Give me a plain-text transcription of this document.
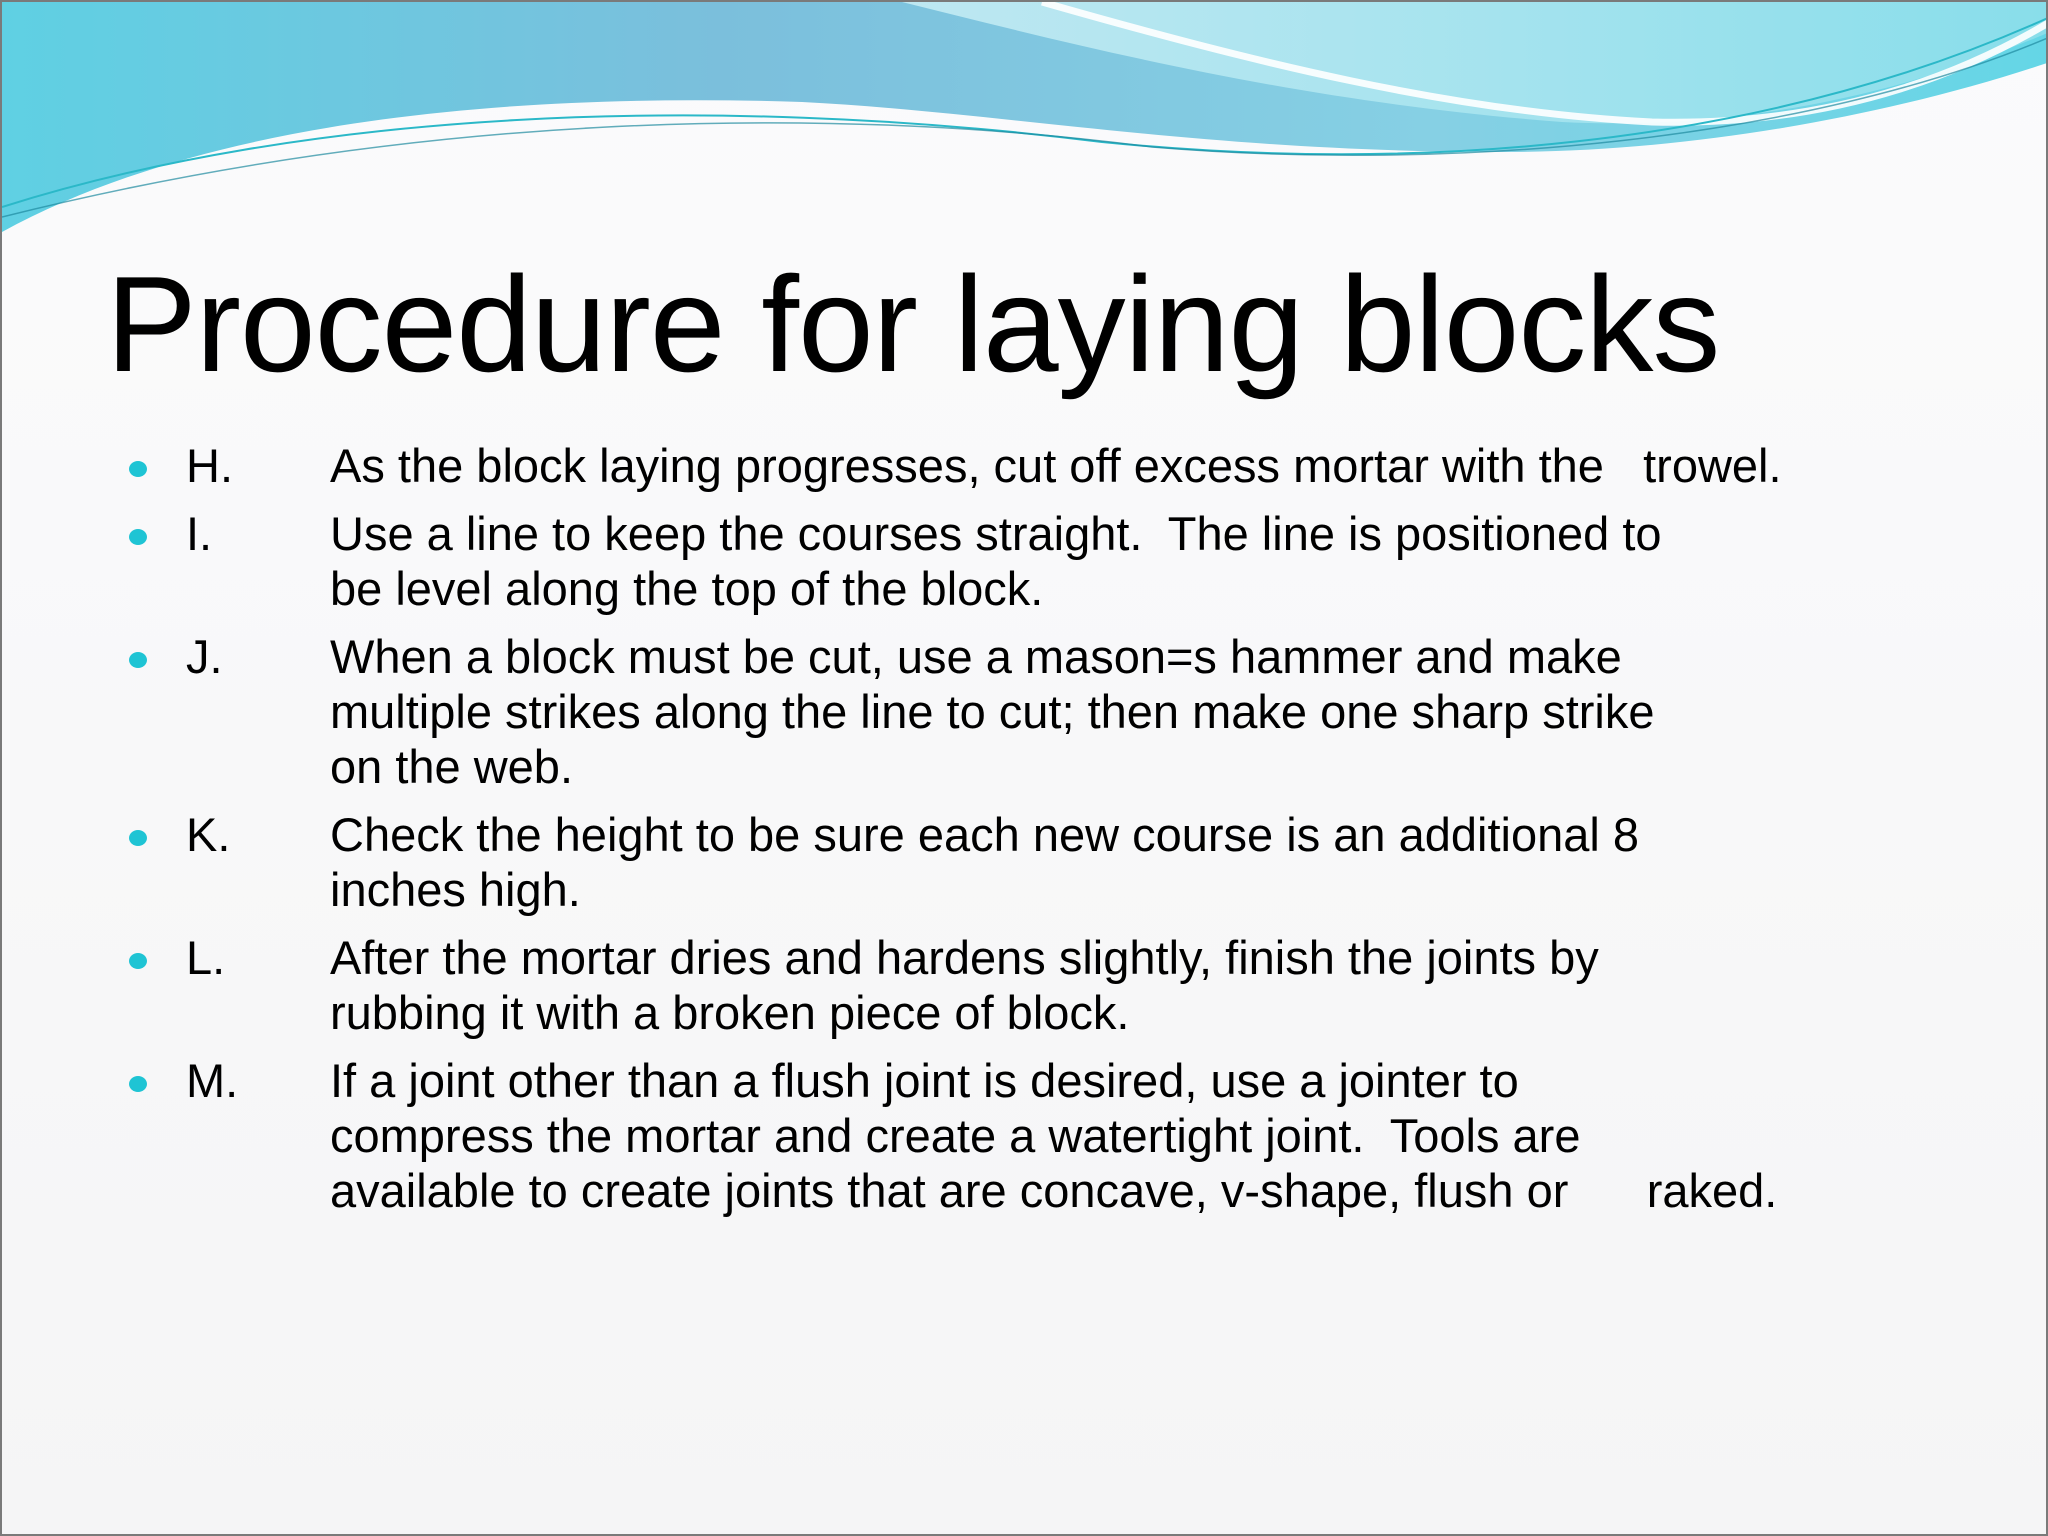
Procedure for laying blocks
H. As the block laying progresses, cut off excess mortar with the   trowel.
I.	Use a line to keep the courses straight.  The line is positioned to
be level along the top of the block.
J. When a block must be cut, use a mason=s hammer and make
multiple strikes along the line to cut; then make one sharp strike
on the web.
K. Check the height to be sure each new course is an additional 8
inches high.
L. After the mortar dries and hardens slightly, finish the joints by
rubbing it with a broken piece of block.
M. If a joint other than a flush joint is desired, use a jointer to
compress the mortar and create a watertight joint.  Tools are
available to create joints that are concave, v-shape, flush or      raked.
